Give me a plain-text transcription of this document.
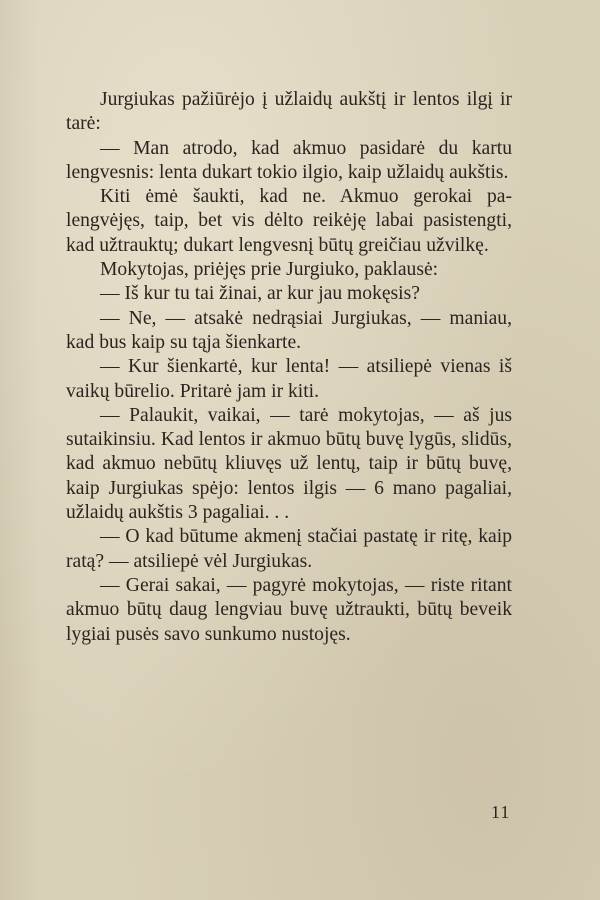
Jurgiukas pažiūrėjo į užlaidų aukštį ir lentos ilgį ir tarė:

— Man atrodo, kad akmuo pasidarė du kartu lengvesnis: lenta dukart tokio ilgio, kaip užlaidų aukštis.

Kiti ėmė šaukti, kad ne. Akmuo gerokai palengvėjęs, taip, bet vis dėlto reikėję labai pasistengti, kad užtrauktų; dukart lengvesnį būtų greičiau užvilkę.

Mokytojas, priėjęs prie Jurgiuko, paklausė:

— Iš kur tu tai žinai, ar kur jau mokęsis?

— Ne, — atsakė nedrąsiai Jurgiukas, — maniau, kad bus kaip su tąja šienkarte.

— Kur šienkartė, kur lenta! — atsiliepė vienas iš vaikų būrelio. Pritarė jam ir kiti.

— Palaukit, vaikai, — tarė mokytojas, — aš jus sutaikinsiu. Kad lentos ir akmuo būtų buvę lygūs, slidūs, kad akmuo nebūtų kliuvęs už lentų, taip ir būtų buvę, kaip Jurgiukas spėjo: lentos ilgis — 6 mano pagaliai, užlaidų aukštis 3 pagaliai. . .

— O kad būtume akmenį stačiai pastatę ir ritę, kaip ratą? — atsiliepė vėl Jurgiukas.

— Gerai sakai, — pagyrė mokytojas, — riste ritant akmuo būtų daug lengviau buvę užtraukti, būtų beveik lygiai pusės savo sunkumo nustojęs.

11
